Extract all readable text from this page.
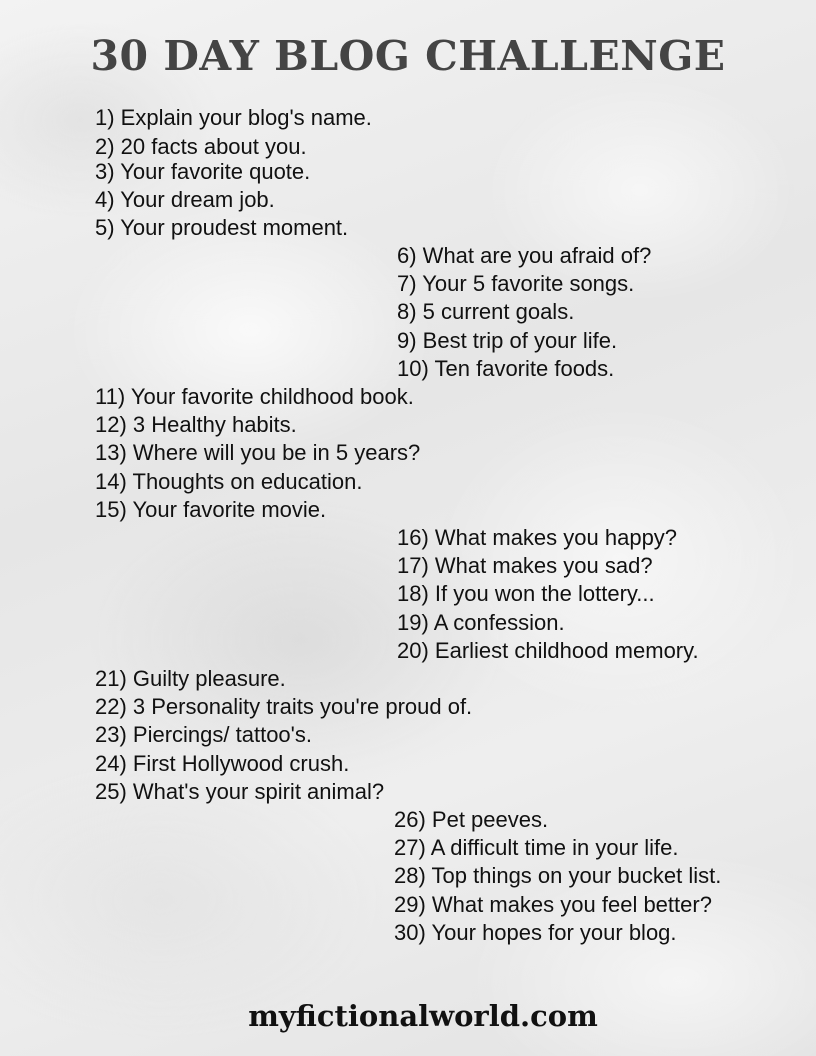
30 DAY BLOG CHALLENGE

1) Explain your blog's name.

2) 20 facts about you.

3) Your favorite quote.

4) Your dream job.

5) Your proudest moment.

6) What are you afraid of?

7) Your 5 favorite songs.

8) 5 current goals.

9) Best trip of your life.

10) Ten favorite foods.

11) Your favorite childhood book.

12) 3 Healthy habits.

13) Where will you be in 5 years?

14) Thoughts on education.

15) Your favorite movie.

16) What makes you happy?

17) What makes you sad?

18) If you won the lottery...

19) A confession.

20) Earliest childhood memory.

21) Guilty pleasure.

22) 3 Personality traits you're proud of.

23) Piercings/ tattoo's.

24) First Hollywood crush.

25) What's your spirit animal?

26) Pet peeves.

27) A difficult time in your life.

28) Top things on your bucket list.

29) What makes you feel better?

30) Your hopes for your blog.

myfictionalworld.com
